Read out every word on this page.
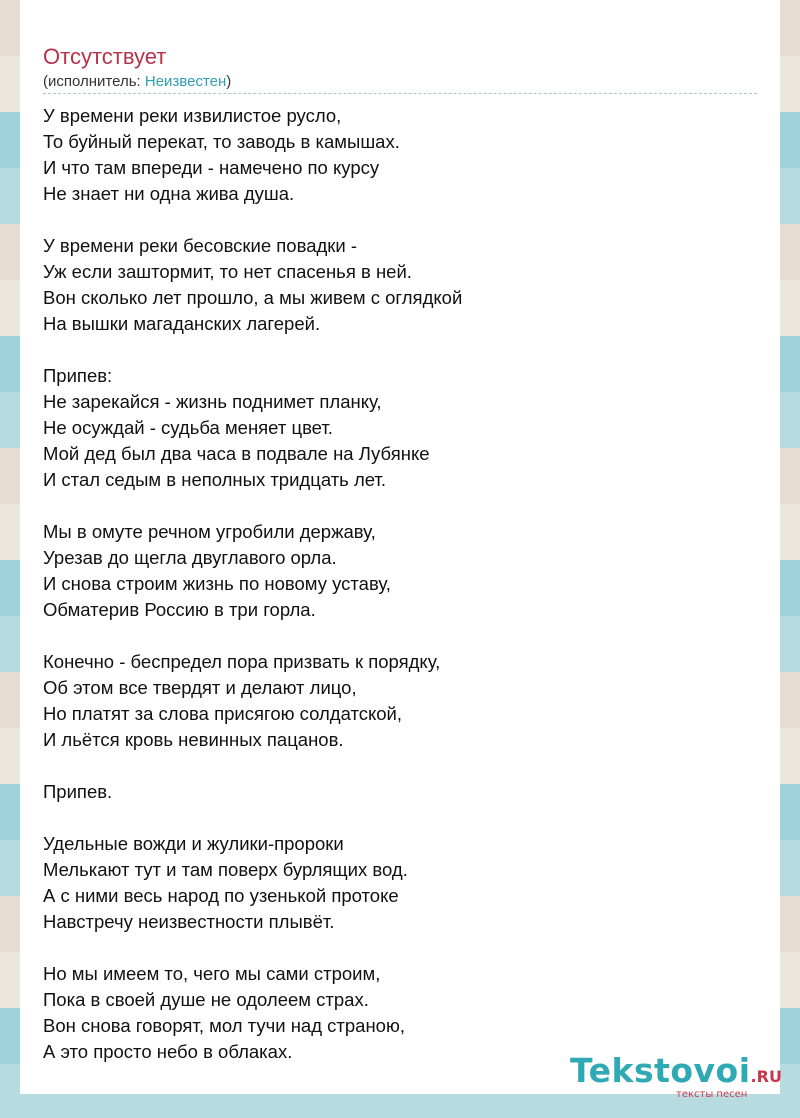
Отсутствует
(исполнитель: Неизвестен)
У времени реки извилистое русло,
То буйный перекат, то заводь в камышах.
И что там впереди - намечено по курсу
Не знает ни одна жива душа.
У времени реки бесовские повадки -
Уж если заштормит, то нет спасенья в ней.
Вон сколько лет прошло, а мы живем с оглядкой
На вышки магаданских лагерей.
Припев:
Не зарекайся - жизнь поднимет планку,
Не осуждай - судьба меняет цвет.
Мой дед был два часа в подвале на Лубянке
И стал седым в неполных тридцать лет.
Мы в омуте речном угробили державу,
Урезав до щегла двуглавого орла.
И снова строим жизнь по новому уставу,
Обматерив Россию в три горла.
Конечно - беспредел пора призвать к порядку,
Об этом все твердят и делают лицо,
Но платят за слова присягою солдатской,
И льётся кровь невинных пацанов.
Припев.
Удельные вожди и жулики-пророки
Мелькают тут и там поверх бурлящих вод.
А с ними весь народ по узенькой протоке
Навстречу неизвестности плывёт.
Но мы имеем то, чего мы сами строим,
Пока в своей душе не одолеем страх.
Вон снова говорят, мол тучи над страною,
А это просто небо в облаках.	Tekstovoi.RU
тексты песен
